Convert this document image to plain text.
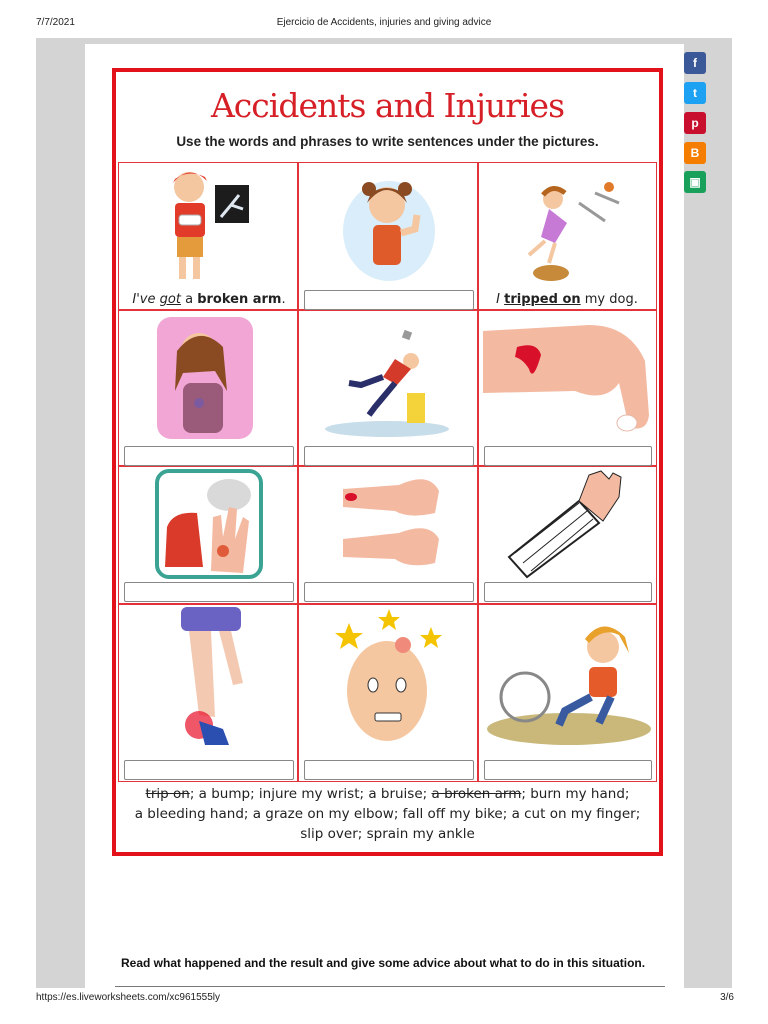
7/7/2021	Ejercicio de Accidents, injuries and giving advice
Accidents and Injuries
Use the words and phrases to write sentences under the pictures.
I've got a broken arm.	I tripped on my dog.
trip on; a bump; injure my wrist; a bruise; a broken arm; burn my hand;
a bleeding hand; a graze on my elbow; fall off my bike; a cut on my finger;
slip over; sprain my ankle
Read what happened and the result and give some advice about what to do in this situation.
f
t
p
B
▣
https://es.liveworksheets.com/xc961555ly	3/6
